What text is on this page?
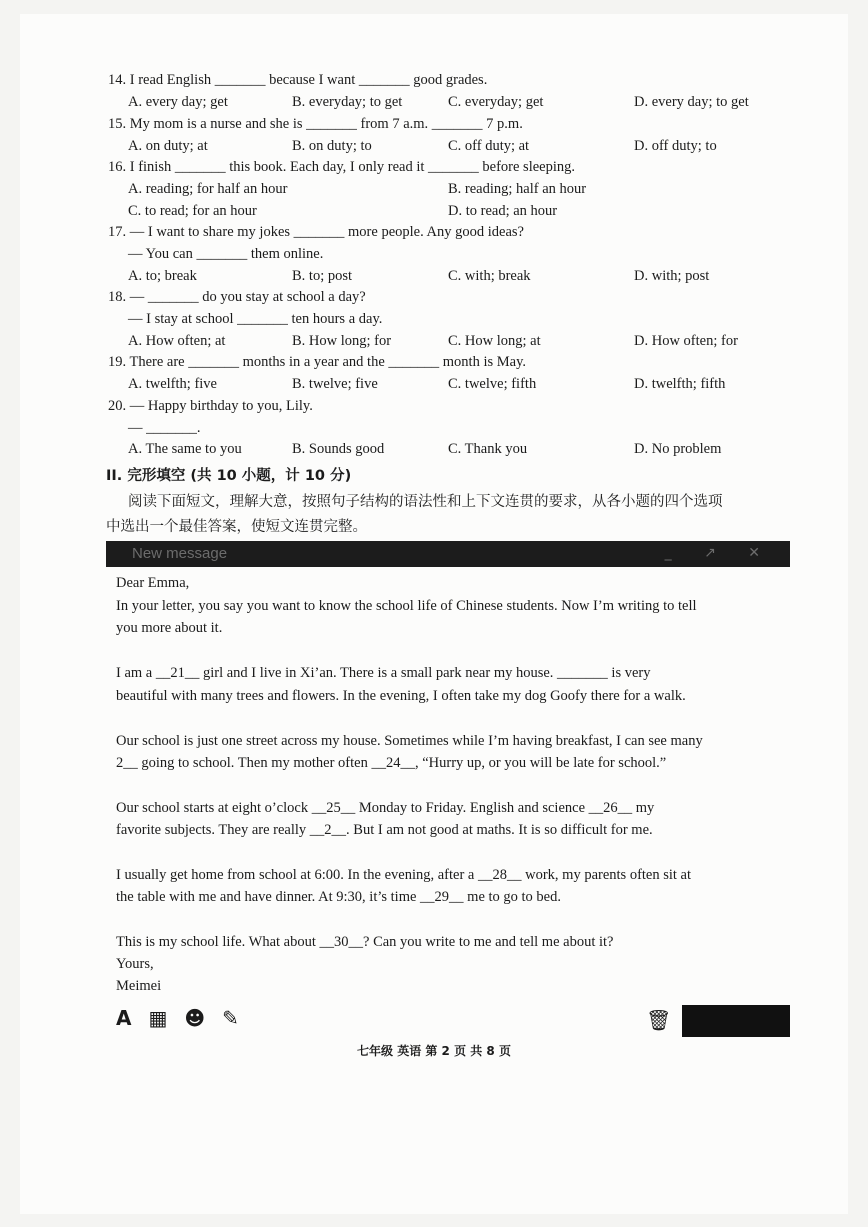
14. I read English _______ because I want _______ good grades.
A. every day; get	B. everyday; to get	C. everyday; get	D. every day; to get
15. My mom is a nurse and she is _______ from 7 a.m. _______ 7 p.m.
A. on duty; at	B. on duty; to	C. off duty; at	D. off duty; to
16. I finish _______ this book. Each day, I only read it _______ before sleeping.
A. reading; for half an hour	B. reading; half an hour
C. to read; for an hour	D. to read; an hour
17. — I want to share my jokes _______ more people. Any good ideas?
— You can _______ them online.
A. to; break	B. to; post	C. with; break	D. with; post
18. — _______ do you stay at school a day?
— I stay at school _______ ten hours a day.
A. How often; at	B. How long; for	C. How long; at	D. How often; for
19. There are _______ months in a year and the _______ month is May.
A. twelfth; five	B. twelve; five	C. twelve; fifth	D. twelfth; fifth
20. — Happy birthday to you, Lily.
— _______.
A. The same to you	B. Sounds good	C. Thank you	D. No problem
II. 完形填空 (共 10 小题，计 10 分)
阅读下面短文，理解大意，按照句子结构的语法性和上下文连贯的要求，从各小题的四个选项
中选出一个最佳答案，使短文连贯完整。
New message	_ ↗ ✕
Dear Emma,
In your letter, you say you want to know the school life of Chinese students. Now I’m writing to tell
you more about it.
I am a __21__ girl and I live in Xi’an. There is a small park near my house. _______ is very
beautiful with many trees and flowers. In the evening, I often take my dog Goofy there for a walk.
Our school is just one street across my house. Sometimes while I’m having breakfast, I can see many
2__ going to school. Then my mother often __24__, “Hurry up, or you will be late for school.”
Our school starts at eight o’clock __25__ Monday to Friday. English and science __26__ my
favorite subjects. They are really __2__. But I am not good at maths. It is so difficult for me.
I usually get home from school at 6:00. In the evening, after a __28__ work, my parents often sit at
the table with me and have dinner. At 9:30, it’s time __29__ me to go to bed.
This is my school life. What about __30__? Can you write to me and tell me about it?
Yours,
Meimei
A ▦ ☻ ✎	🗑
七年级 英语 第 2 页 共 8 页
